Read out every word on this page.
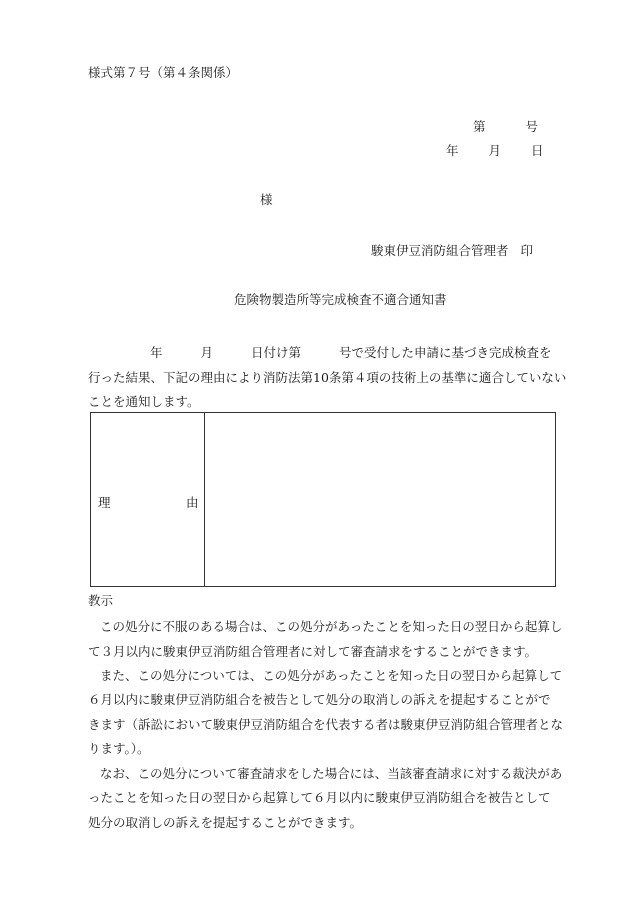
様式第７号（第４条関係）
第	号
年 月 日
様
駿東伊豆消防組合管理者 印
危険物製造所等完成検査不適合通知書
年	月	日付け第	号で受付した申請に基づき完成検査を
行った結果、下記の理由により消防法第10条第４項の技術上の基準に適合していない
ことを通知します。
理	由
教示
この処分に不服のある場合は、この処分があったことを知った日の翌日から起算し
て３月以内に駿東伊豆消防組合管理者に対して審査請求をすることができます。
また、この処分については、この処分があったことを知った日の翌日から起算して
６月以内に駿東伊豆消防組合を被告として処分の取消しの訴えを提起することがで
きます（訴訟において駿東伊豆消防組合を代表する者は駿東伊豆消防組合管理者とな
ります。）。
なお、この処分について審査請求をした場合には、当該審査請求に対する裁決があ
ったことを知った日の翌日から起算して６月以内に駿東伊豆消防組合を被告として
処分の取消しの訴えを提起することができます。
